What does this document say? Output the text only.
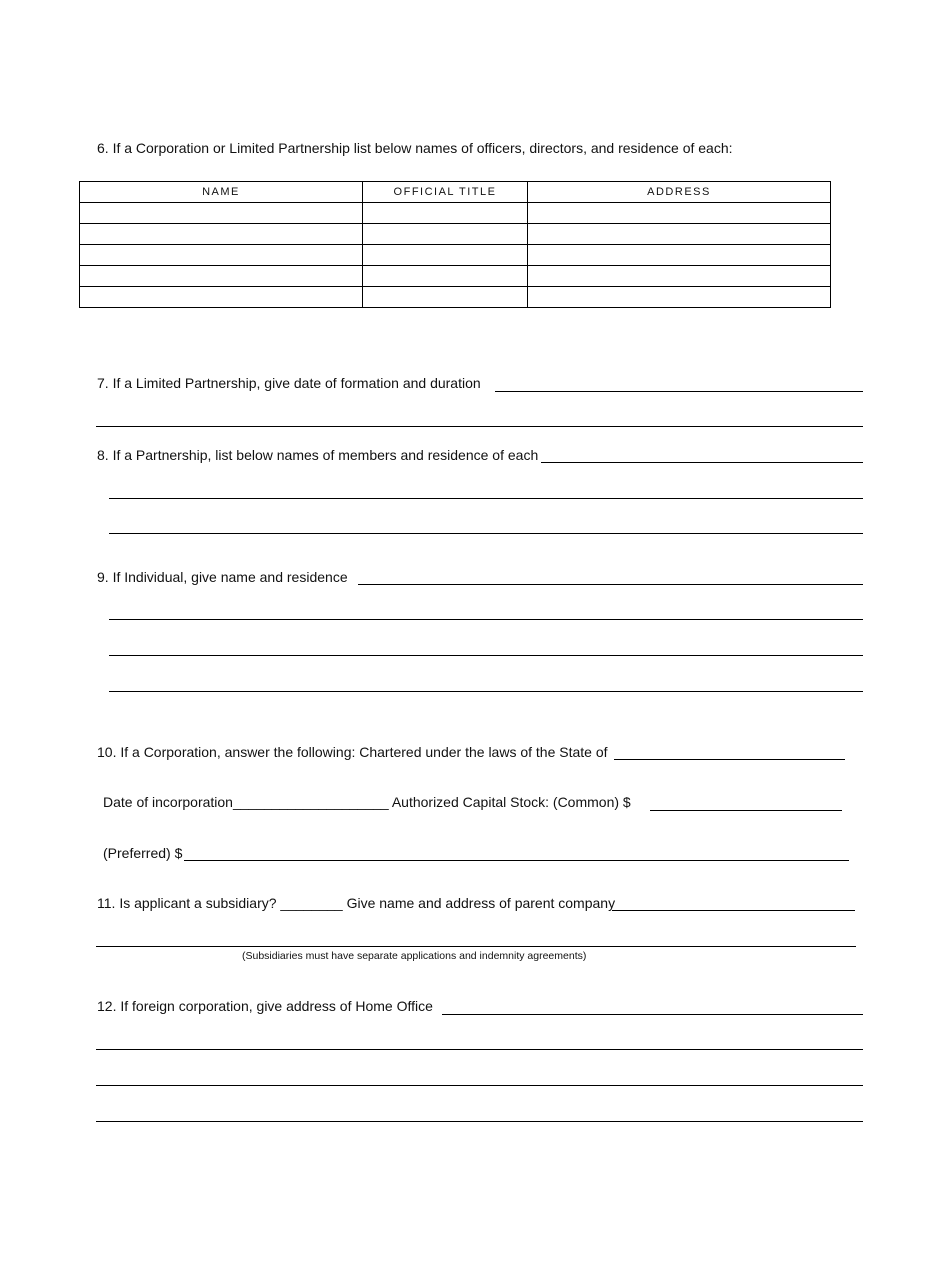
6. If a Corporation or Limited Partnership list below names of officers, directors, and residence of each:
NAME	OFFICIAL TITLE	ADDRESS

7. If a Limited Partnership, give date of formation and duration
8. If a Partnership, list below names of members and residence of each
9. If Individual, give name and residence
10. If a Corporation, answer the following: Chartered under the laws of the State of
Date of incorporation____________________ Authorized Capital Stock: (Common) $
(Preferred) $
11. Is applicant a subsidiary? ________ Give name and address of parent company
(Subsidiaries must have separate applications and indemnity agreements)
12. If foreign corporation, give address of Home Office
